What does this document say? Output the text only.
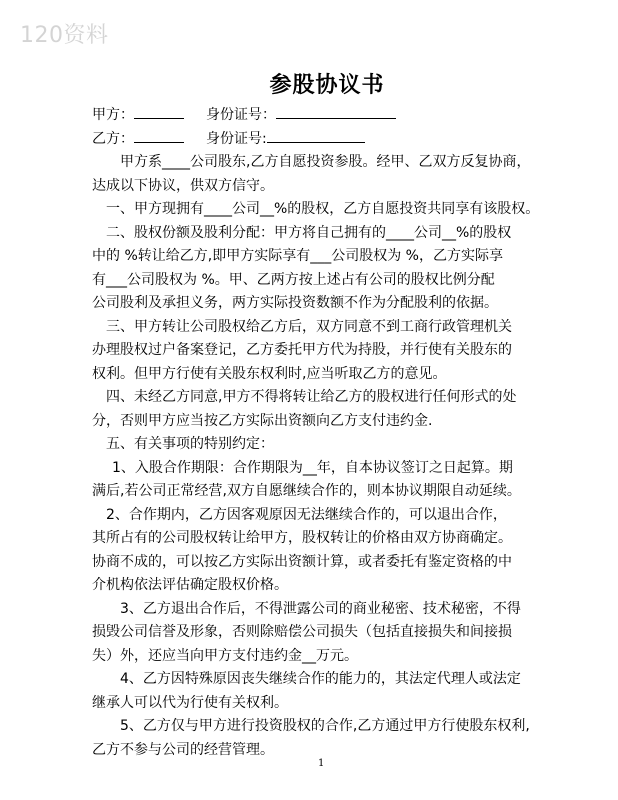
120资料
参股协议书
甲方：	身份证号：
乙方：	身份证号:
甲方系____公司股东,乙方自愿投资参股。经甲、乙双方反复协商，
达成以下协议，供双方信守。
一、甲方现拥有____公司__%的股权，乙方自愿投资共同享有该股权。
二、股权份额及股利分配：甲方将自己拥有的____公司__%的股权
中的 %转让给乙方,即甲方实际享有___公司股权为 %，乙方实际享
有___公司股权为 %。甲、乙两方按上述占有公司的股权比例分配
公司股利及承担义务，两方实际投资数额不作为分配股利的依据。
三、甲方转让公司股权给乙方后，双方同意不到工商行政管理机关
办理股权过户备案登记，乙方委托甲方代为持股，并行使有关股东的
权利。但甲方行使有关股东权利时,应当听取乙方的意见。
四、未经乙方同意,甲方不得将转让给乙方的股权进行任何形式的处
分，否则甲方应当按乙方实际出资额向乙方支付违约金.
五、有关事项的特别约定：
1、入股合作期限：合作期限为__年，自本协议签订之日起算。期
满后,若公司正常经营,双方自愿继续合作的，则本协议期限自动延续。
2、合作期内，乙方因客观原因无法继续合作的，可以退出合作，
其所占有的公司股权转让给甲方，股权转让的价格由双方协商确定。
协商不成的，可以按乙方实际出资额计算，或者委托有鉴定资格的中
介机构依法评估确定股权价格。
3、乙方退出合作后，不得泄露公司的商业秘密、技术秘密，不得
损毁公司信誉及形象，否则除赔偿公司损失（包括直接损失和间接损
失）外，还应当向甲方支付违约金__万元。
4、乙方因特殊原因丧失继续合作的能力的，其法定代理人或法定
继承人可以代为行使有关权利。
5、乙方仅与甲方进行投资股权的合作,乙方通过甲方行使股东权利,
乙方不参与公司的经营管理。
1
